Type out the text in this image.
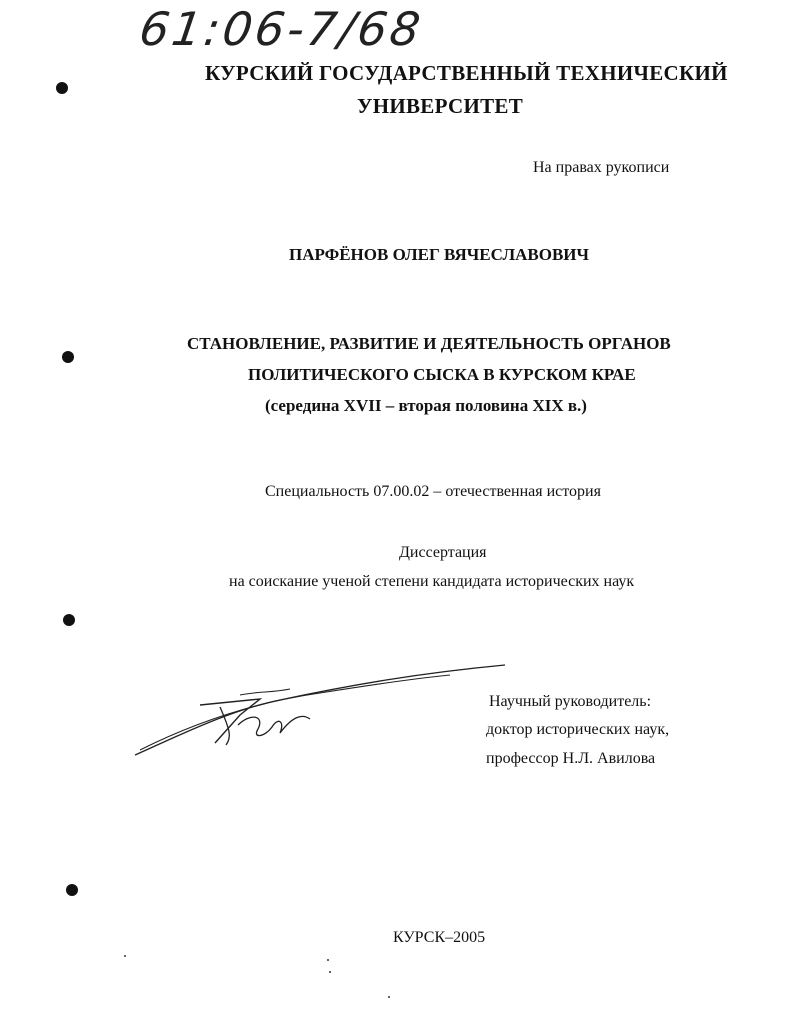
61:06-7/68
КУРСКИЙ ГОСУДАРСТВЕННЫЙ ТЕХНИЧЕСКИЙ
УНИВЕРСИТЕТ
На правах рукописи
ПАРФЁНОВ ОЛЕГ ВЯЧЕСЛАВОВИЧ
СТАНОВЛЕНИЕ, РАЗВИТИЕ И ДЕЯТЕЛЬНОСТЬ ОРГАНОВ
ПОЛИТИЧЕСКОГО СЫСКА В КУРСКОМ КРАЕ
(середина XVII – вторая половина XIX в.)
Специальность 07.00.02 – отечественная история
Диссертация
на соискание ученой степени кандидата исторических наук
Научный руководитель:
доктор исторических наук,
профессор Н.Л. Авилова
КУРСК–2005
